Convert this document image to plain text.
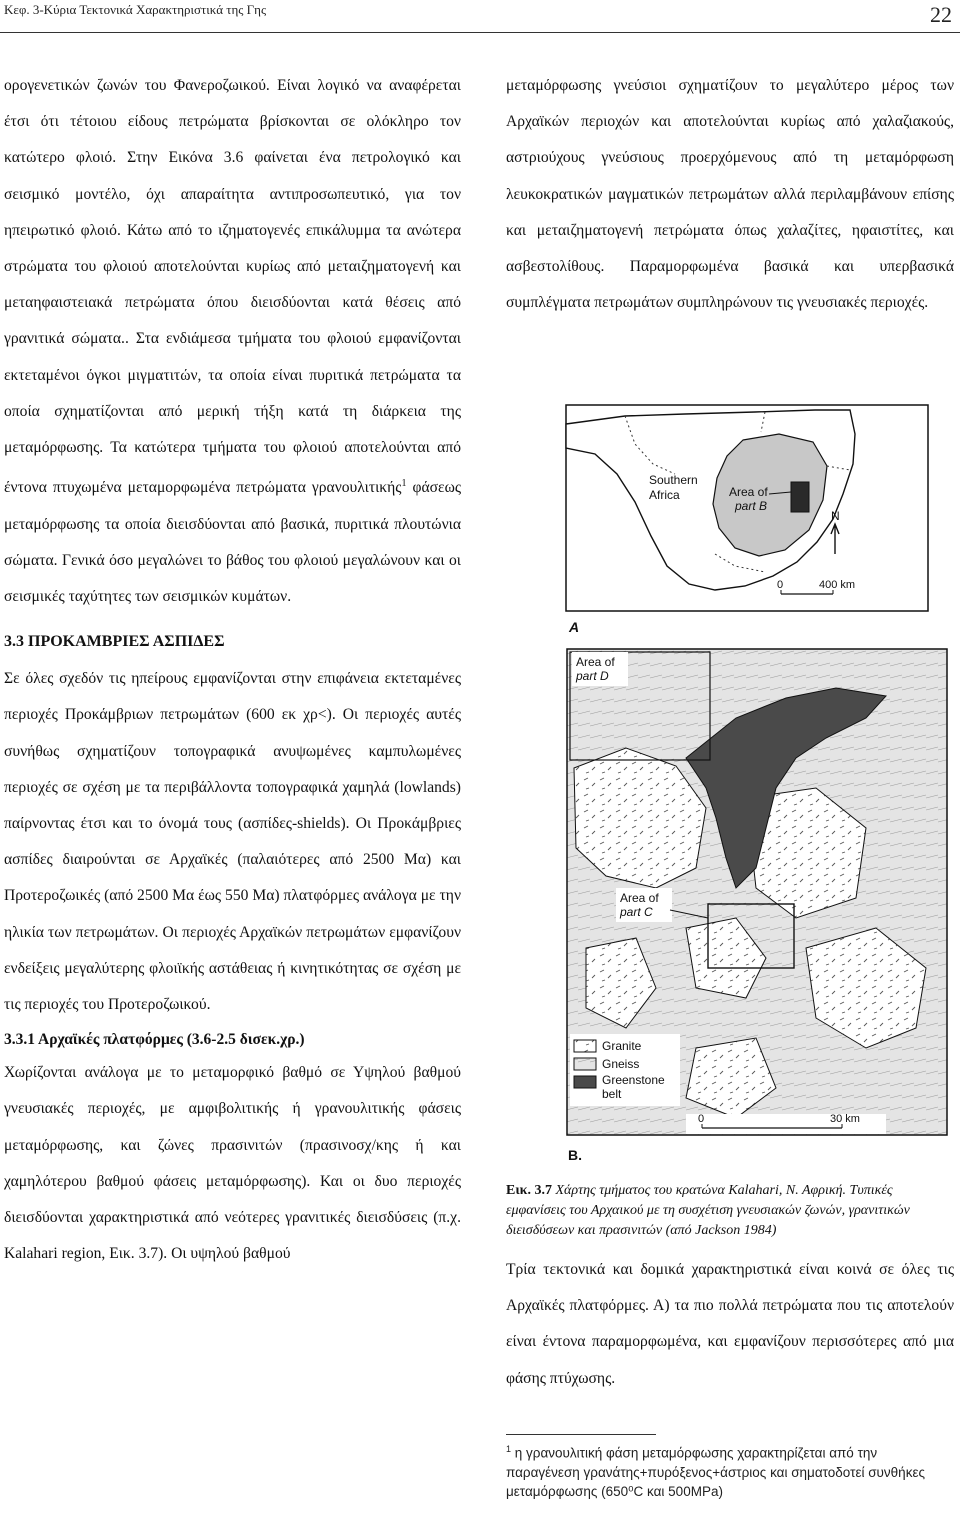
Κεφ. 3-Κύρια Τεκτονικά Χαρακτηριστικά της Γης	22

ορογενετικών ζωνών του Φανεροζωικού. Είναι λογικό να αναφέρεται έτσι ότι τέτοιου είδους πετρώματα βρίσκονται σε ολόκληρο τον κατώτερο φλοιό. Στην Εικόνα 3.6 φαίνεται ένα πετρολογικό και σεισμικό μοντέλο, όχι απαραίτητα αντιπροσωπευτικό, για τον ηπειρωτικό φλοιό. Κάτω από το ιζηματογενές επικάλυμμα τα ανώτερα στρώματα του φλοιού αποτελούνται κυρίως από μεταιζηματογενή και μεταηφαιστειακά πετρώματα όπου διεισδύονται κατά θέσεις από γρανιτικά σώματα.. Στα ενδιάμεσα τμήματα του φλοιού εμφανίζονται εκτεταμένοι όγκοι μιγματιτών, τα οποία είναι πυριτικά πετρώματα τα οποία σχηματίζονται από μερική τήξη κατά τη διάρκεια της μεταμόρφωσης. Τα κατώτερα τμήματα του φλοιού αποτελούνται από έντονα πτυχωμένα μεταμορφωμένα πετρώματα γρανουλιτικής$^1$ φάσεως μεταμόρφωσης τα οποία διεισδύονται από βασικά, πυριτικά πλουτώνια σώματα. Γενικά όσο μεγαλώνει το βάθος του φλοιού μεγαλώνουν και οι σεισμικές ταχύτητες των σεισμικών κυμάτων.

3.3 ΠΡΟΚΑΜΒΡΙΕΣ ΑΣΠΙΔΕΣ

Σε όλες σχεδόν τις ηπείρους εμφανίζονται στην επιφάνεια εκτεταμένες περιοχές Προκάμβριων πετρωμάτων (600 εκ χρ<). Οι περιοχές αυτές συνήθως σχηματίζουν τοπογραφικά ανυψωμένες καμπυλωμένες περιοχές σε σχέση με τα περιβάλλοντα τοπογραφικά χαμηλά (lowlands) παίρνοντας έτσι και το όνομά τους (ασπίδες-shields). Οι Προκάμβριες ασπίδες διαιρούνται σε Αρχαϊκές (παλαιότερες από 2500 Μα) και Προτεροζωικές (από 2500 Μα έως 550 Μα) πλατφόρμες ανάλογα με την ηλικία των πετρωμάτων. Οι περιοχές Αρχαϊκών πετρωμάτων εμφανίζουν ενδείξεις μεγαλύτερης φλοιϊκής αστάθειας ή κινητικότητας σε σχέση με τις περιοχές του Προτεροζωικού.

3.3.1 Αρχαϊκές πλατφόρμες (3.6-2.5 δισεκ.χρ.)

Χωρίζονται ανάλογα με το μεταμορφικό βαθμό σε Υψηλού βαθμού γνευσιακές περιοχές, με αμφιβολιτικής ή γρανουλιτικής φάσεις μεταμόρφωσης, και ζώνες πρασινιτών (πρασινοσχ/κης ή και χαμηλότερου βαθμού φάσεις μεταμόρφωσης). Και οι δυο περιοχές διεισδύονται χαρακτηριστικά από νεότερες γρανιτικές διεισδύσεις (π.χ. Kalahari region, Εικ. 3.7). Οι υψηλού βαθμού

μεταμόρφωσης γνεύσιοι σχηματίζουν το μεγαλύτερο μέρος των Αρχαϊκών περιοχών και αποτελούνται κυρίως από χαλαζιακούς, αστριούχους γνεύσιους προερχόμενους από τη μεταμόρφωση λευκοκρατικών μαγματικών πετρωμάτων αλλά περιλαμβάνουν επίσης και μεταιζηματογενή πετρώματα όπως χαλαζίτες, ηφαιστίτες, και ασβεστολίθους. Παραμορφωμένα βασικά και υπερβασικά συμπλέγματα πετρωμάτων συμπληρώνουν τις γνευσιακές περιοχές.

Southern
Africa	Area of
part B
N
0	400 km
A
Area of
part D
Area of
part C
Granite
Gneiss
Greenstone
belt
0	30 km
B.
Εικ. 3.7 Χάρτης τμήματος του κρατώνα Kalahari, Ν. Αφρική. Τυπικές εμφανίσεις του Αρχαικού με τη συσχέτιση γνευσιακών ζωνών, γρανιτικών διεισδύσεων και πρασινιτών (από Jackson 1984)

Τρία τεκτονικά και δομικά χαρακτηριστικά είναι κοινά σε όλες τις Αρχαϊκές πλατφόρμες. Α) τα πιο πολλά πετρώματα που τις αποτελούν είναι έντονα παραμορφωμένα, και εμφανίζουν περισσότερες από μια φάσης πτύχωσης.

$^1$ η γρανουλιτική φάση μεταμόρφωσης χαρακτηρίζεται από την παραγένεση γρανάτης+πυρόξενος+άστριος και σηματοδοτεί συνθήκες μεταμόρφωσης (650⁰C και 500MPa)
